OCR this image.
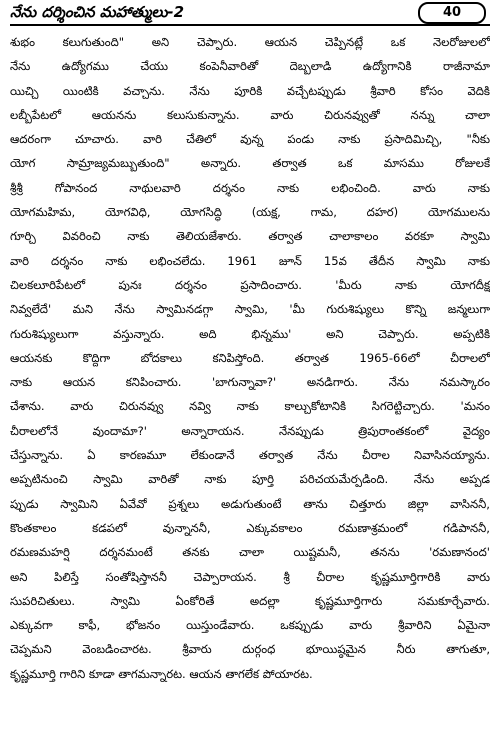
నేను దర్శించిన మహాత్ములు-2	40
శుభం కలుగుతుంది" అని చెప్పారు. ఆయన చెప్పినట్లే ఒక నెలరోజులలో
నేను ఉద్యోగము చేయు కంపెనీవారితో దెబ్బలాడి ఉద్యోగానికి రాజీనామా
యిచ్చి యింటికి వచ్చాను. నేను పూరికి వచ్చేటప్పుడు శ్రీవారి కోసం వెదికి
లబ్బీపేటలో ఆయనను కలుసుకున్నాను. వారు చిరునవ్వుతో నన్ను చాలా
ఆదరంగా చూచారు. వారి చేతిలో వున్న పండు నాకు ప్రసాదిమిచ్చి, "నీకు
యోగ సామ్రాజ్యమబ్బుతుంది" అన్నారు. తర్వాత ఒక మాసము రోజులకే
శ్రీశ్రీ గోపానంద నాథులవారి దర్శనం నాకు లభించింది. వారు నాకు
యోగమహిమ, యోగవిధి, యోగసిద్ధి (యక్ష, గామ, దహర) యోగములను
గూర్చి వివరించి నాకు తెలియజేశారు. తర్వాత చాలాకాలం వరకూ స్వామి
వారి దర్శనం నాకు లభించలేదు. 1961 జూన్ 15వ తేదీన స్వామి నాకు
చిలకలూరిపేటలో పునః దర్శనం ప్రసాదించారు. 'మీరు నాకు యోగదీక్ష
నివ్వలేదే' మని నేను స్వామినడగ్గా స్వామి, 'మీ గురుశిష్యులు కొన్ని జన్మలుగా
గురుశిష్యులుగా వస్తున్నారు. అది భిన్నము' అని చెప్పారు. అప్పటికి
ఆయనకు కొద్దిగా బోదకాలు కనిపిస్తోంది. తర్వాత 1965-66లో చీరాలలో
నాకు ఆయన కనిపించారు. 'బాగున్నావా?' అనడిగారు. నేను నమస్కారం
చేశాను. వారు చిరునవ్వు నవ్వి నాకు కాల్చుకోటానికి సిగరెట్టిచ్చారు. 'మనం
చీరాలలోనే వుందామా?' అన్నారాయన. నేనప్పుడు త్రిపురాంతకంలో వైద్యం
చేస్తున్నాను. ఏ కారణమూ లేకుండానే తర్వాత నేను చీరాల నివాసినయ్యాను.
అప్పటినుంచి స్వామి వారితో నాకు పూర్తి పరిచయమేర్పడింది. నేను అప్పడ
ప్పుడు స్వామిని ఏవేవో ప్రశ్నలు అడుగుతుంటే తాను చిత్తూరు జిల్లా వాసిననీ,
కొంతకాలం కడపలో వున్నాననీ, ఎక్కువకాలం రమణాశ్రమంలో గడిపాననీ,
రమణమహర్షి దర్శనమంటే తనకు చాలా యిష్టమనీ, తనను 'రమణానంద'
అని పిలిస్తే సంతోషిస్తాననీ చెప్పారాయన. శ్రీ చీరాల కృష్ణమూర్తిగారికి వారు
సుపరిచితులు. స్వామి ఏంకోరితే అదల్లా కృష్ణమూర్తిగారు సమకూర్చేవారు.
ఎక్కువగా కాఫీ, భోజనం యిస్తుండేవారు. ఒకప్పుడు వారు శ్రీవారిని ఏమైనా
చెప్పమని వెంబడించారట. శ్రీవారు దుర్గంధ భూయిష్ఠమైన నీరు తాగుతూ,
కృష్ణమూర్తి గారిని కూడా తాగమన్నారట. ఆయన తాగలేక పోయారట.
